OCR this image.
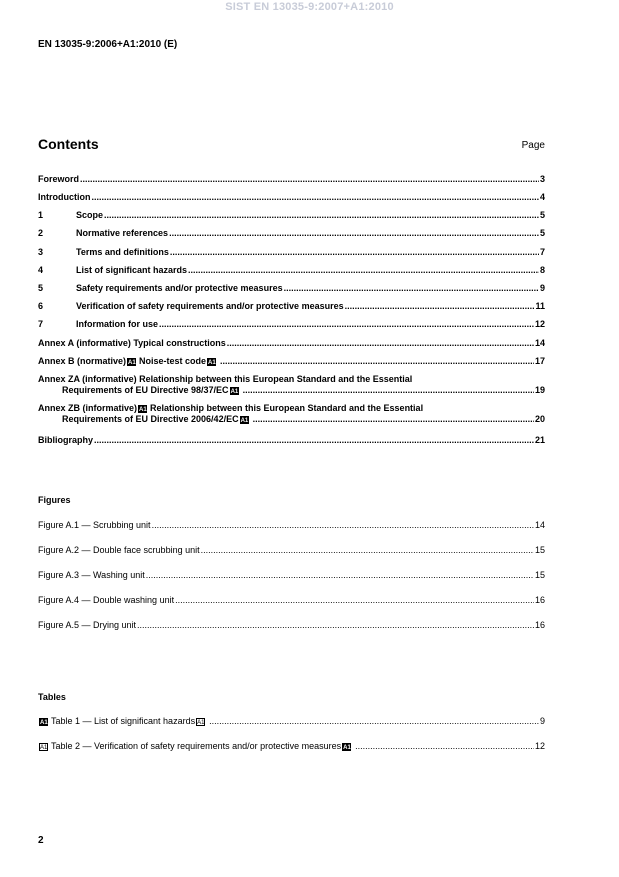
SIST EN 13035-9:2007+A1:2010
EN 13035-9:2006+A1:2010 (E)
Contents	Page
Foreword .....	3
Introduction .....	4
1	Scope .....	5
2	Normative references .....	5
3	Terms and definitions .....	7
4	List of significant hazards .....	8
5	Safety requirements and/or protective measures .....	9
6	Verification of safety requirements and/or protective measures .....	11
7	Information for use .....	12
Annex A (informative) Typical constructions .....	14
Annex B (normative) A1 Noise-test code A1 .....	17
Annex ZA (informative) Relationship between this European Standard and the Essential
Requirements of EU Directive 98/37/EC A1 .....	19
Annex ZB (informative) A1 Relationship between this European Standard and the Essential
Requirements of EU Directive 2006/42/EC A1 .....	20
Bibliography .....	21
Figures
Figure A.1 — Scrubbing unit .....	14
Figure A.2 — Double face scrubbing unit .....	15
Figure A.3 — Washing unit .....	15
Figure A.4 — Double washing unit .....	16
Figure A.5 — Drying unit .....	16
Tables
A1 Table 1 — List of significant hazards A1 .....	9
A1 Table 2 — Verification of safety requirements and/or protective measures A1 .....	12
2
